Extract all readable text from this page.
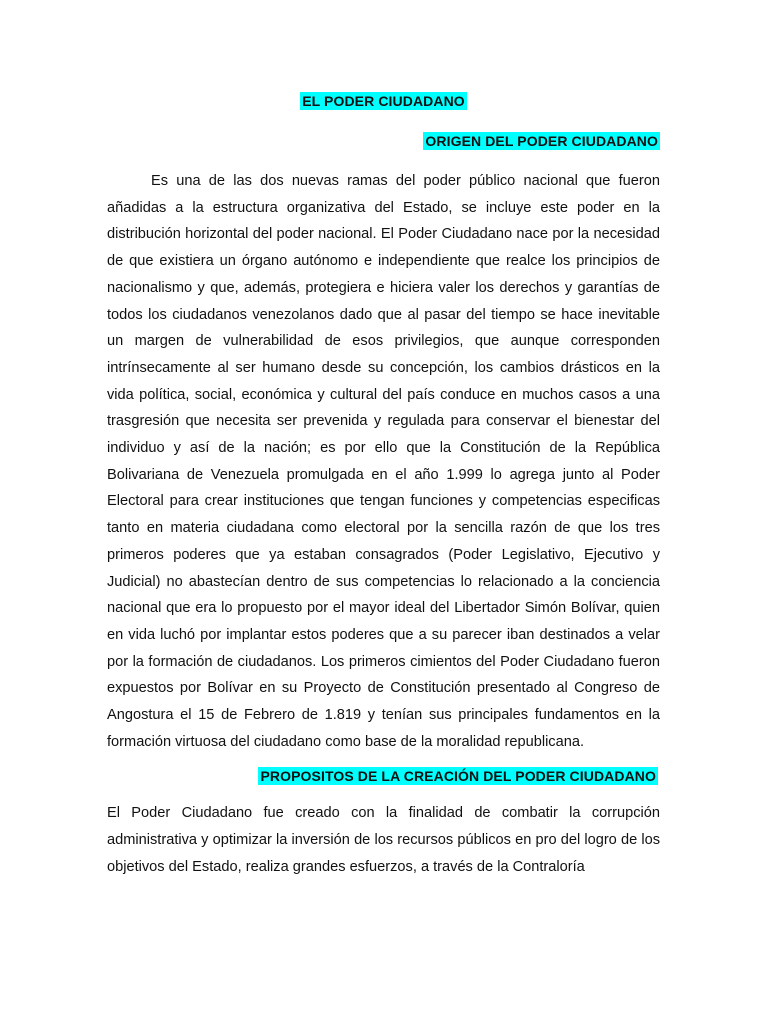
EL PODER CIUDADANO
ORIGEN DEL PODER CIUDADANO

Es una de las dos nuevas ramas del poder público nacional que fueron añadidas a la estructura organizativa del Estado, se incluye este poder en la distribución horizontal del poder nacional. El Poder Ciudadano nace por la necesidad de que existiera un órgano autónomo e independiente que realce los principios de nacionalismo y que, además, protegiera e hiciera valer los derechos y garantías de todos los ciudadanos venezolanos dado que al pasar del tiempo se hace inevitable un margen de vulnerabilidad de esos privilegios, que aunque corresponden intrínsecamente al ser humano desde su concepción, los cambios drásticos en la vida política, social, económica y cultural del país conduce en muchos casos a una trasgresión que necesita ser prevenida y regulada para conservar el bienestar del individuo y así de la nación; es por ello que la Constitución de la República Bolivariana de Venezuela promulgada en el año 1.999 lo agrega junto al Poder Electoral para crear instituciones que tengan funciones y competencias especificas tanto en materia ciudadana como electoral por la sencilla razón de que los tres primeros poderes que ya estaban consagrados (Poder Legislativo, Ejecutivo y Judicial) no abastecían dentro de sus competencias lo relacionado a la conciencia nacional que era lo propuesto por el mayor ideal del Libertador Simón Bolívar, quien en vida luchó por implantar estos poderes que a su parecer iban destinados a velar por la formación de ciudadanos. Los primeros cimientos del Poder Ciudadano fueron expuestos por Bolívar en su Proyecto de Constitución presentado al Congreso de Angostura el 15 de Febrero de 1.819 y tenían sus principales fundamentos en la formación virtuosa del ciudadano como base de la moralidad republicana.

PROPOSITOS DE LA CREACIÓN DEL PODER CIUDADANO

El Poder Ciudadano fue creado con la finalidad de combatir la corrupción administrativa y optimizar la inversión de los recursos públicos en pro del logro de los objetivos del Estado, realiza grandes esfuerzos, a través de la Contraloría
